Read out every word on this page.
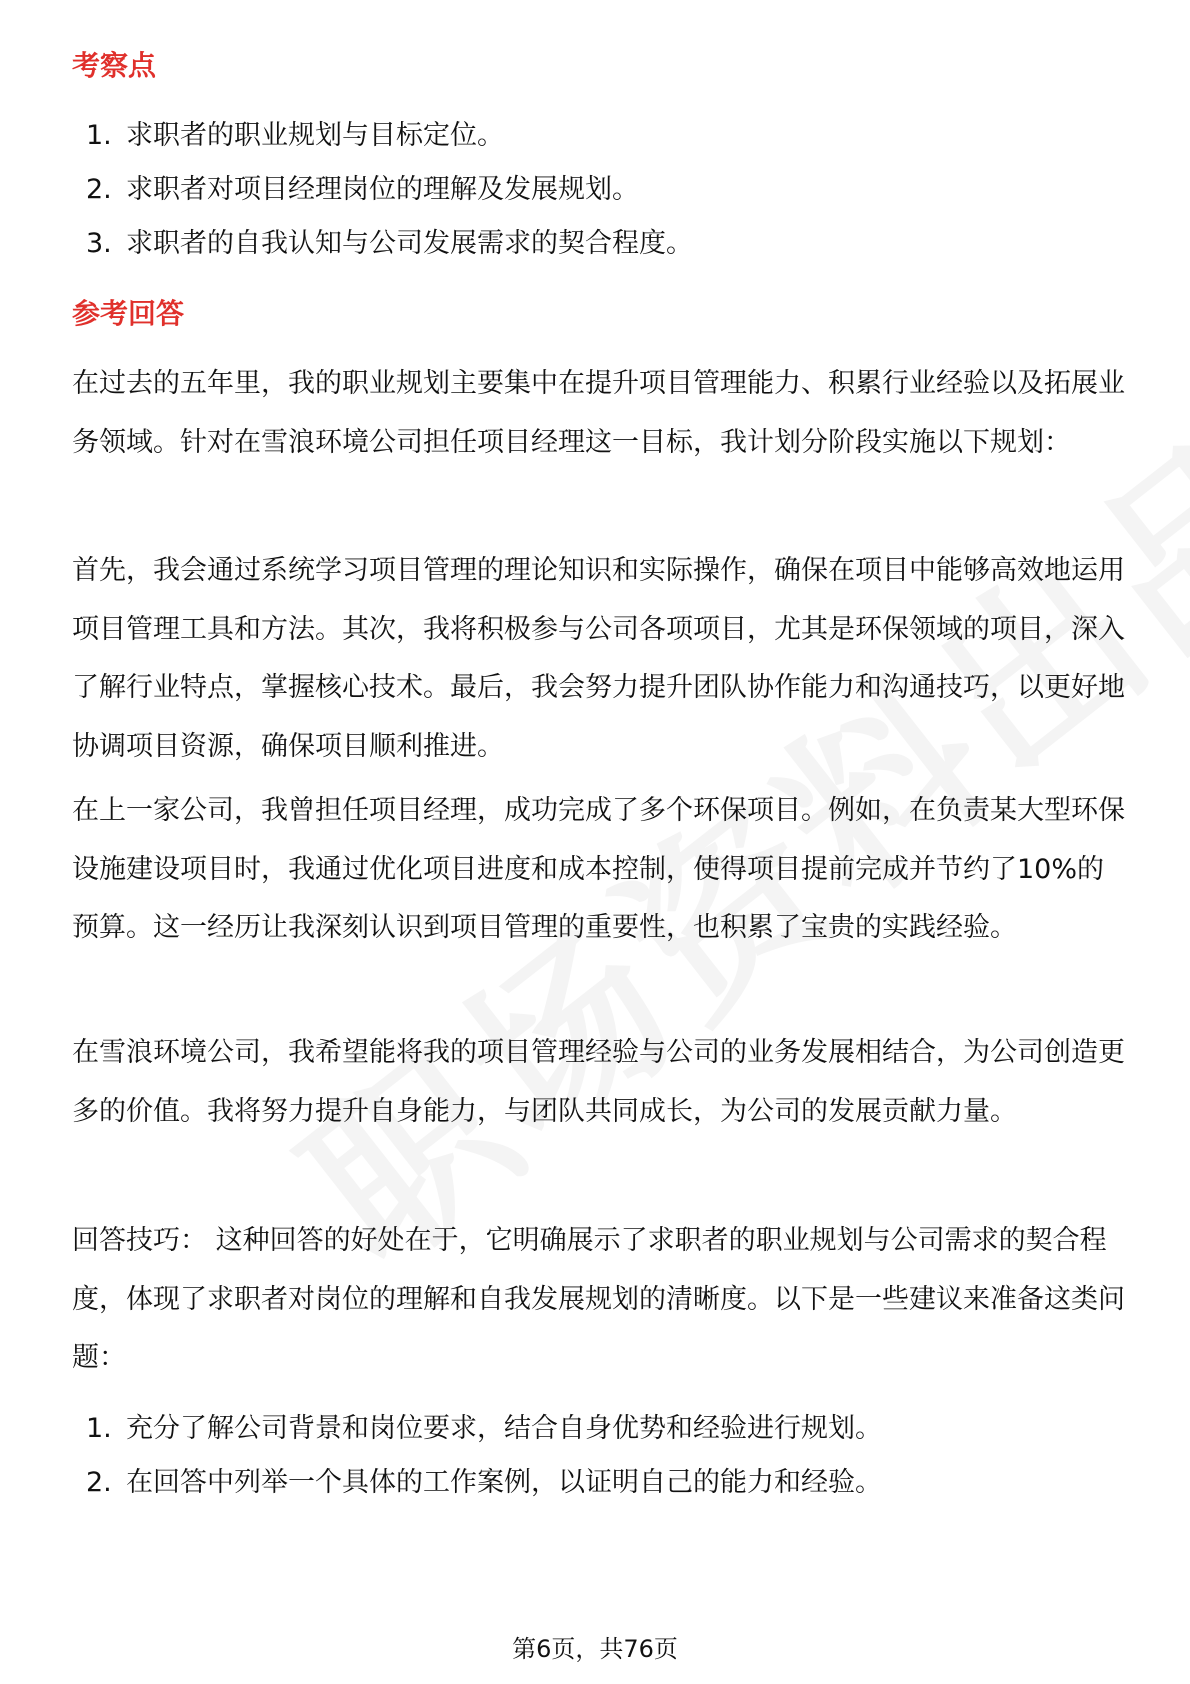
考察点
1. 求职者的职业规划与目标定位。
2. 求职者对项目经理岗位的理解及发展规划。
3. 求职者的自我认知与公司发展需求的契合程度。
参考回答

在过去的五年里，我的职业规划主要集中在提升项目管理能力、积累行业经验以及拓展业务领域。针对在雪浪环境公司担任项目经理这一目标，我计划分阶段实施以下规划：

首先，我会通过系统学习项目管理的理论知识和实际操作，确保在项目中能够高效地运用项目管理工具和方法。其次，我将积极参与公司各项项目，尤其是环保领域的项目，深入了解行业特点，掌握核心技术。最后，我会努力提升团队协作能力和沟通技巧，以更好地协调项目资源，确保项目顺利推进。

在上一家公司，我曾担任项目经理，成功完成了多个环保项目。例如，在负责某大型环保设施建设项目时，我通过优化项目进度和成本控制，使得项目提前完成并节约了10%的预算。这一经历让我深刻认识到项目管理的重要性，也积累了宝贵的实践经验。

在雪浪环境公司，我希望能将我的项目管理经验与公司的业务发展相结合，为公司创造更多的价值。我将努力提升自身能力，与团队共同成长，为公司的发展贡献力量。

回答技巧： 这种回答的好处在于，它明确展示了求职者的职业规划与公司需求的契合程度，体现了求职者对岗位的理解和自我发展规划的清晰度。以下是一些建议来准备这类问题：

1. 充分了解公司背景和岗位要求，结合自身优势和经验进行规划。
2. 在回答中列举一个具体的工作案例，以证明自己的能力和经验。
第6页，共76页
